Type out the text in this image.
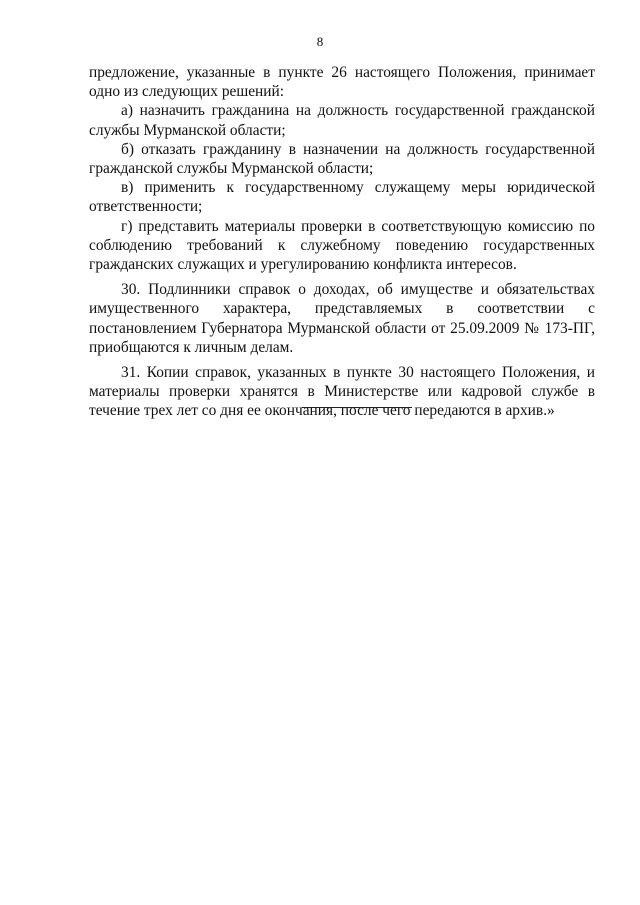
8

предложение, указанные в пункте 26 настоящего Положения, принимает одно из следующих решений:

а) назначить гражданина на должность государственной гражданской службы Мурманской области;

б) отказать гражданину в назначении на должность государственной гражданской службы Мурманской области;

в) применить к государственному служащему меры юридической ответственности;

г) представить материалы проверки в соответствующую комиссию по соблюдению требований к служебному поведению государственных гражданских служащих и урегулированию конфликта интересов.

30. Подлинники справок о доходах, об имуществе и обязательствах имущественного характера, представляемых в соответствии с постановлением Губернатора Мурманской области от 25.09.2009 № 173-ПГ, приобщаются к личным делам.

31. Копии справок, указанных в пункте 30 настоящего Положения, и материалы проверки хранятся в Министерстве или кадровой службе в течение трех лет со дня ее окончания, после чего передаются в архив.»
